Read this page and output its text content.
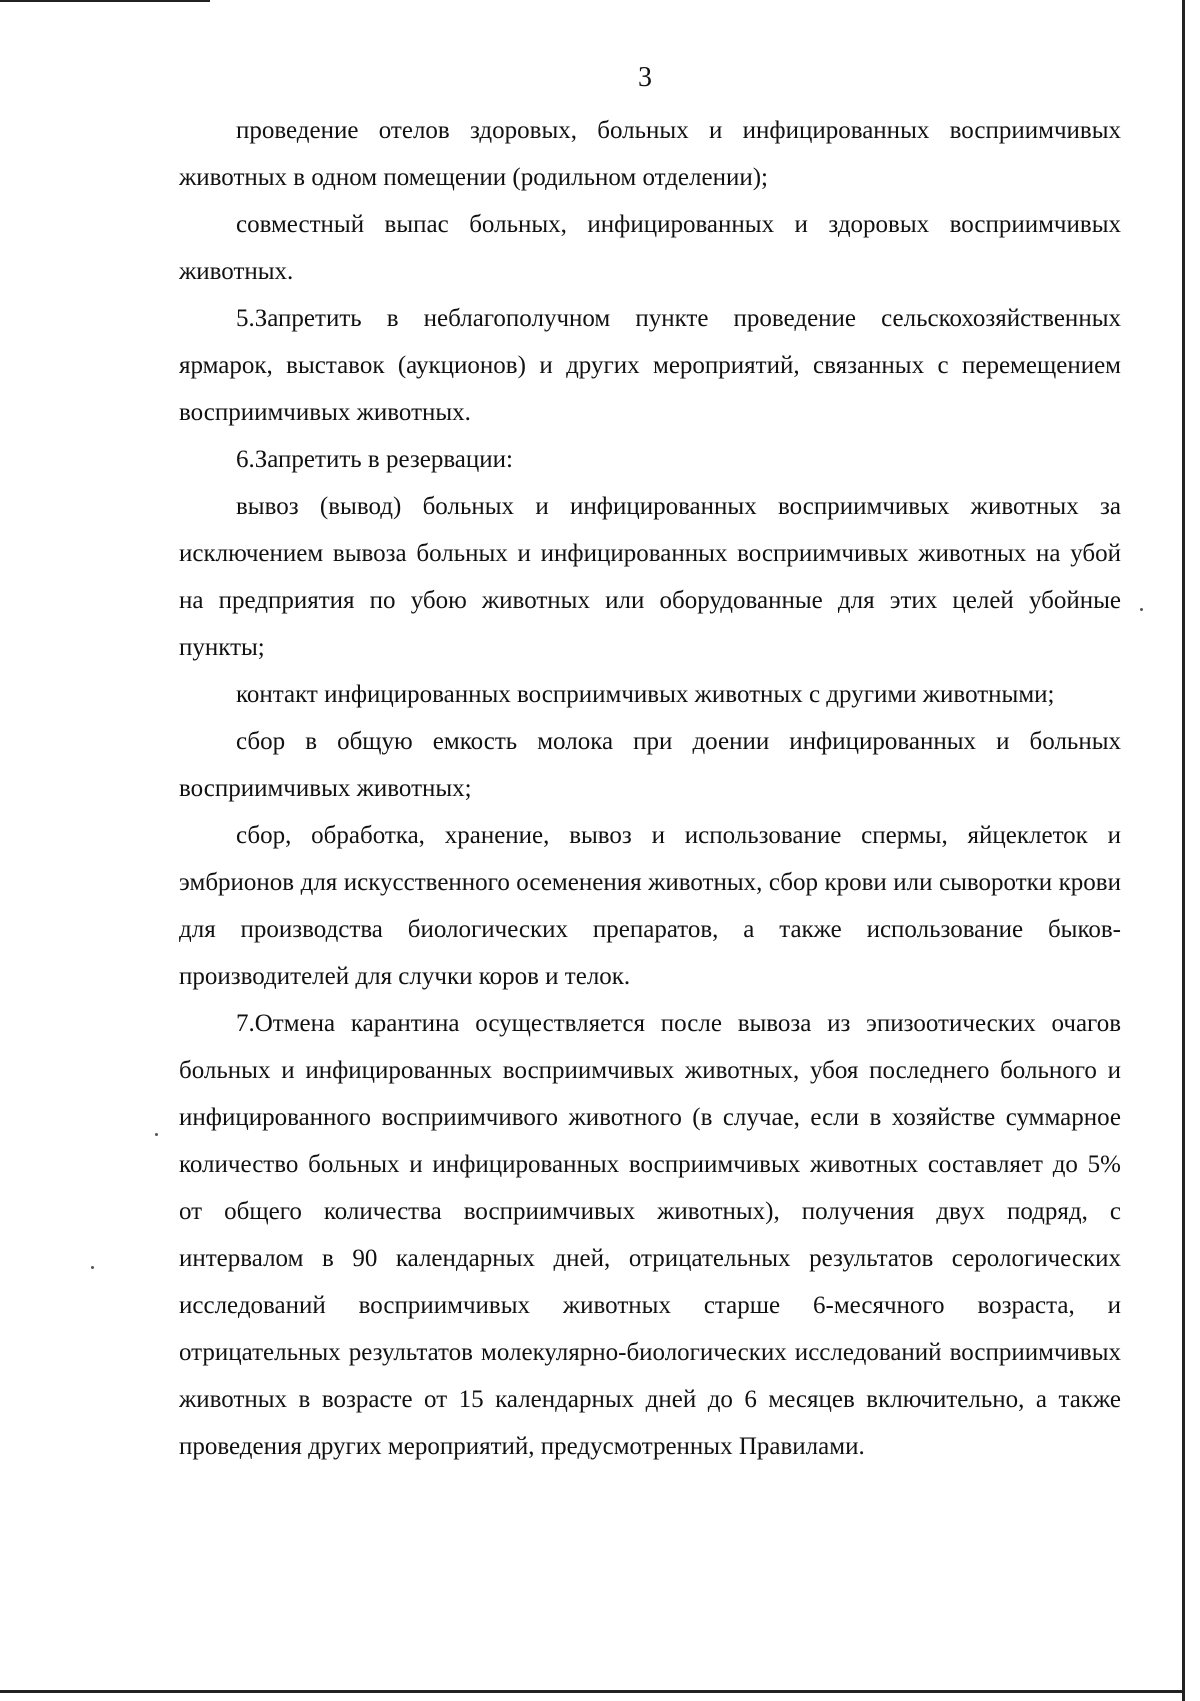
3

проведение отелов здоровых, больных и инфицированных восприимчивых животных в одном помещении (родильном отделении);

совместный выпас больных, инфицированных и здоровых восприимчивых животных.

5.Запретить в неблагополучном пункте проведение сельскохозяйственных ярмарок, выставок (аукционов) и других мероприятий, связанных с перемещением восприимчивых животных.

6.Запретить в резервации:

вывоз (вывод) больных и инфицированных восприимчивых животных за исключением вывоза больных и инфицированных восприимчивых животных на убой на предприятия по убою животных или оборудованные для этих целей убойные пункты;

контакт инфицированных восприимчивых животных с другими животными;

сбор в общую емкость молока при доении инфицированных и больных восприимчивых животных;

сбор, обработка, хранение, вывоз и использование спермы, яйцеклеток и эмбрионов для искусственного осеменения животных, сбор крови или сыворотки крови для производства биологических препаратов, а также использование быков-производителей для случки коров и телок.

7.Отмена карантина осуществляется после вывоза из эпизоотических очагов больных и инфицированных восприимчивых животных, убоя последнего больного и инфицированного восприимчивого животного (в случае, если в хозяйстве суммарное количество больных и инфицированных восприимчивых животных составляет до 5% от общего количества восприимчивых животных), получения двух подряд, с интервалом в 90 календарных дней, отрицательных результатов серологических исследований восприимчивых животных старше 6-месячного возраста, и отрицательных результатов молекулярно-биологических исследований восприимчивых животных в возрасте от 15 календарных дней до 6 месяцев включительно, а также проведения других мероприятий, предусмотренных Правилами.
